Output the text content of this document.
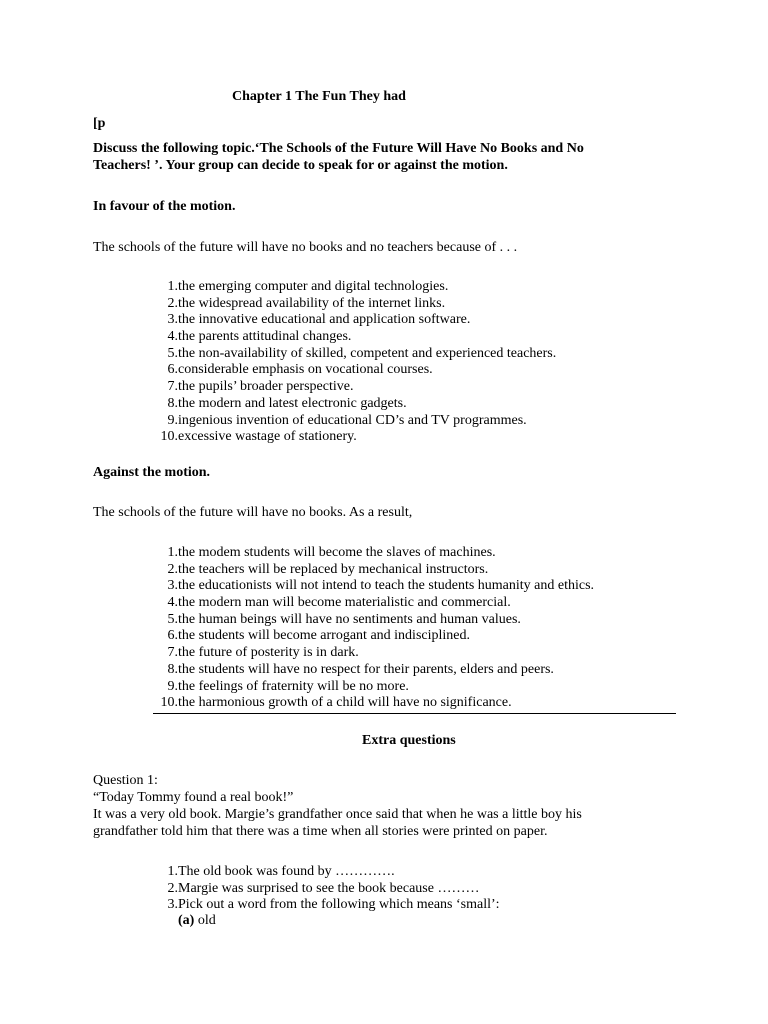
Chapter 1 The Fun They had
[p
Discuss the following topic.‘The Schools of the Future Will Have No Books and No
Teachers! ’. Your group can decide to speak for or against the motion.
In favour of the motion.
The schools of the future will have no books and no teachers because of . . .
1. the emerging computer and digital technologies.
2. the widespread availability of the internet links.
3. the innovative educational and application software.
4. the parents attitudinal changes.
5. the non-availability of skilled, competent and experienced teachers.
6. considerable emphasis on vocational courses.
7. the pupils’ broader perspective.
8. the modern and latest electronic gadgets.
9. ingenious invention of educational CD’s and TV programmes.
10. excessive wastage of stationery.
Against the motion.
The schools of the future will have no books. As a result,
1. the modem students will become the slaves of machines.
2. the teachers will be replaced by mechanical instructors.
3. the educationists will not intend to teach the students humanity and ethics.
4. the modern man will become materialistic and commercial.
5. the human beings will have no sentiments and human values.
6. the students will become arrogant and indisciplined.
7. the future of posterity is in dark.
8. the students will have no respect for their parents, elders and peers.
9. the feelings of fraternity will be no more.
10. the harmonious growth of a child will have no significance.
Extra questions
Question 1:
“Today Tommy found a real book!”
It was a very old book. Margie’s grandfather once said that when he was a little boy his
grandfather told him that there was a time when all stories were printed on paper.
1. The old book was found by ………….
2. Margie was surprised to see the book because ………
3. Pick out a word from the following which means ‘small’:
(a) old
